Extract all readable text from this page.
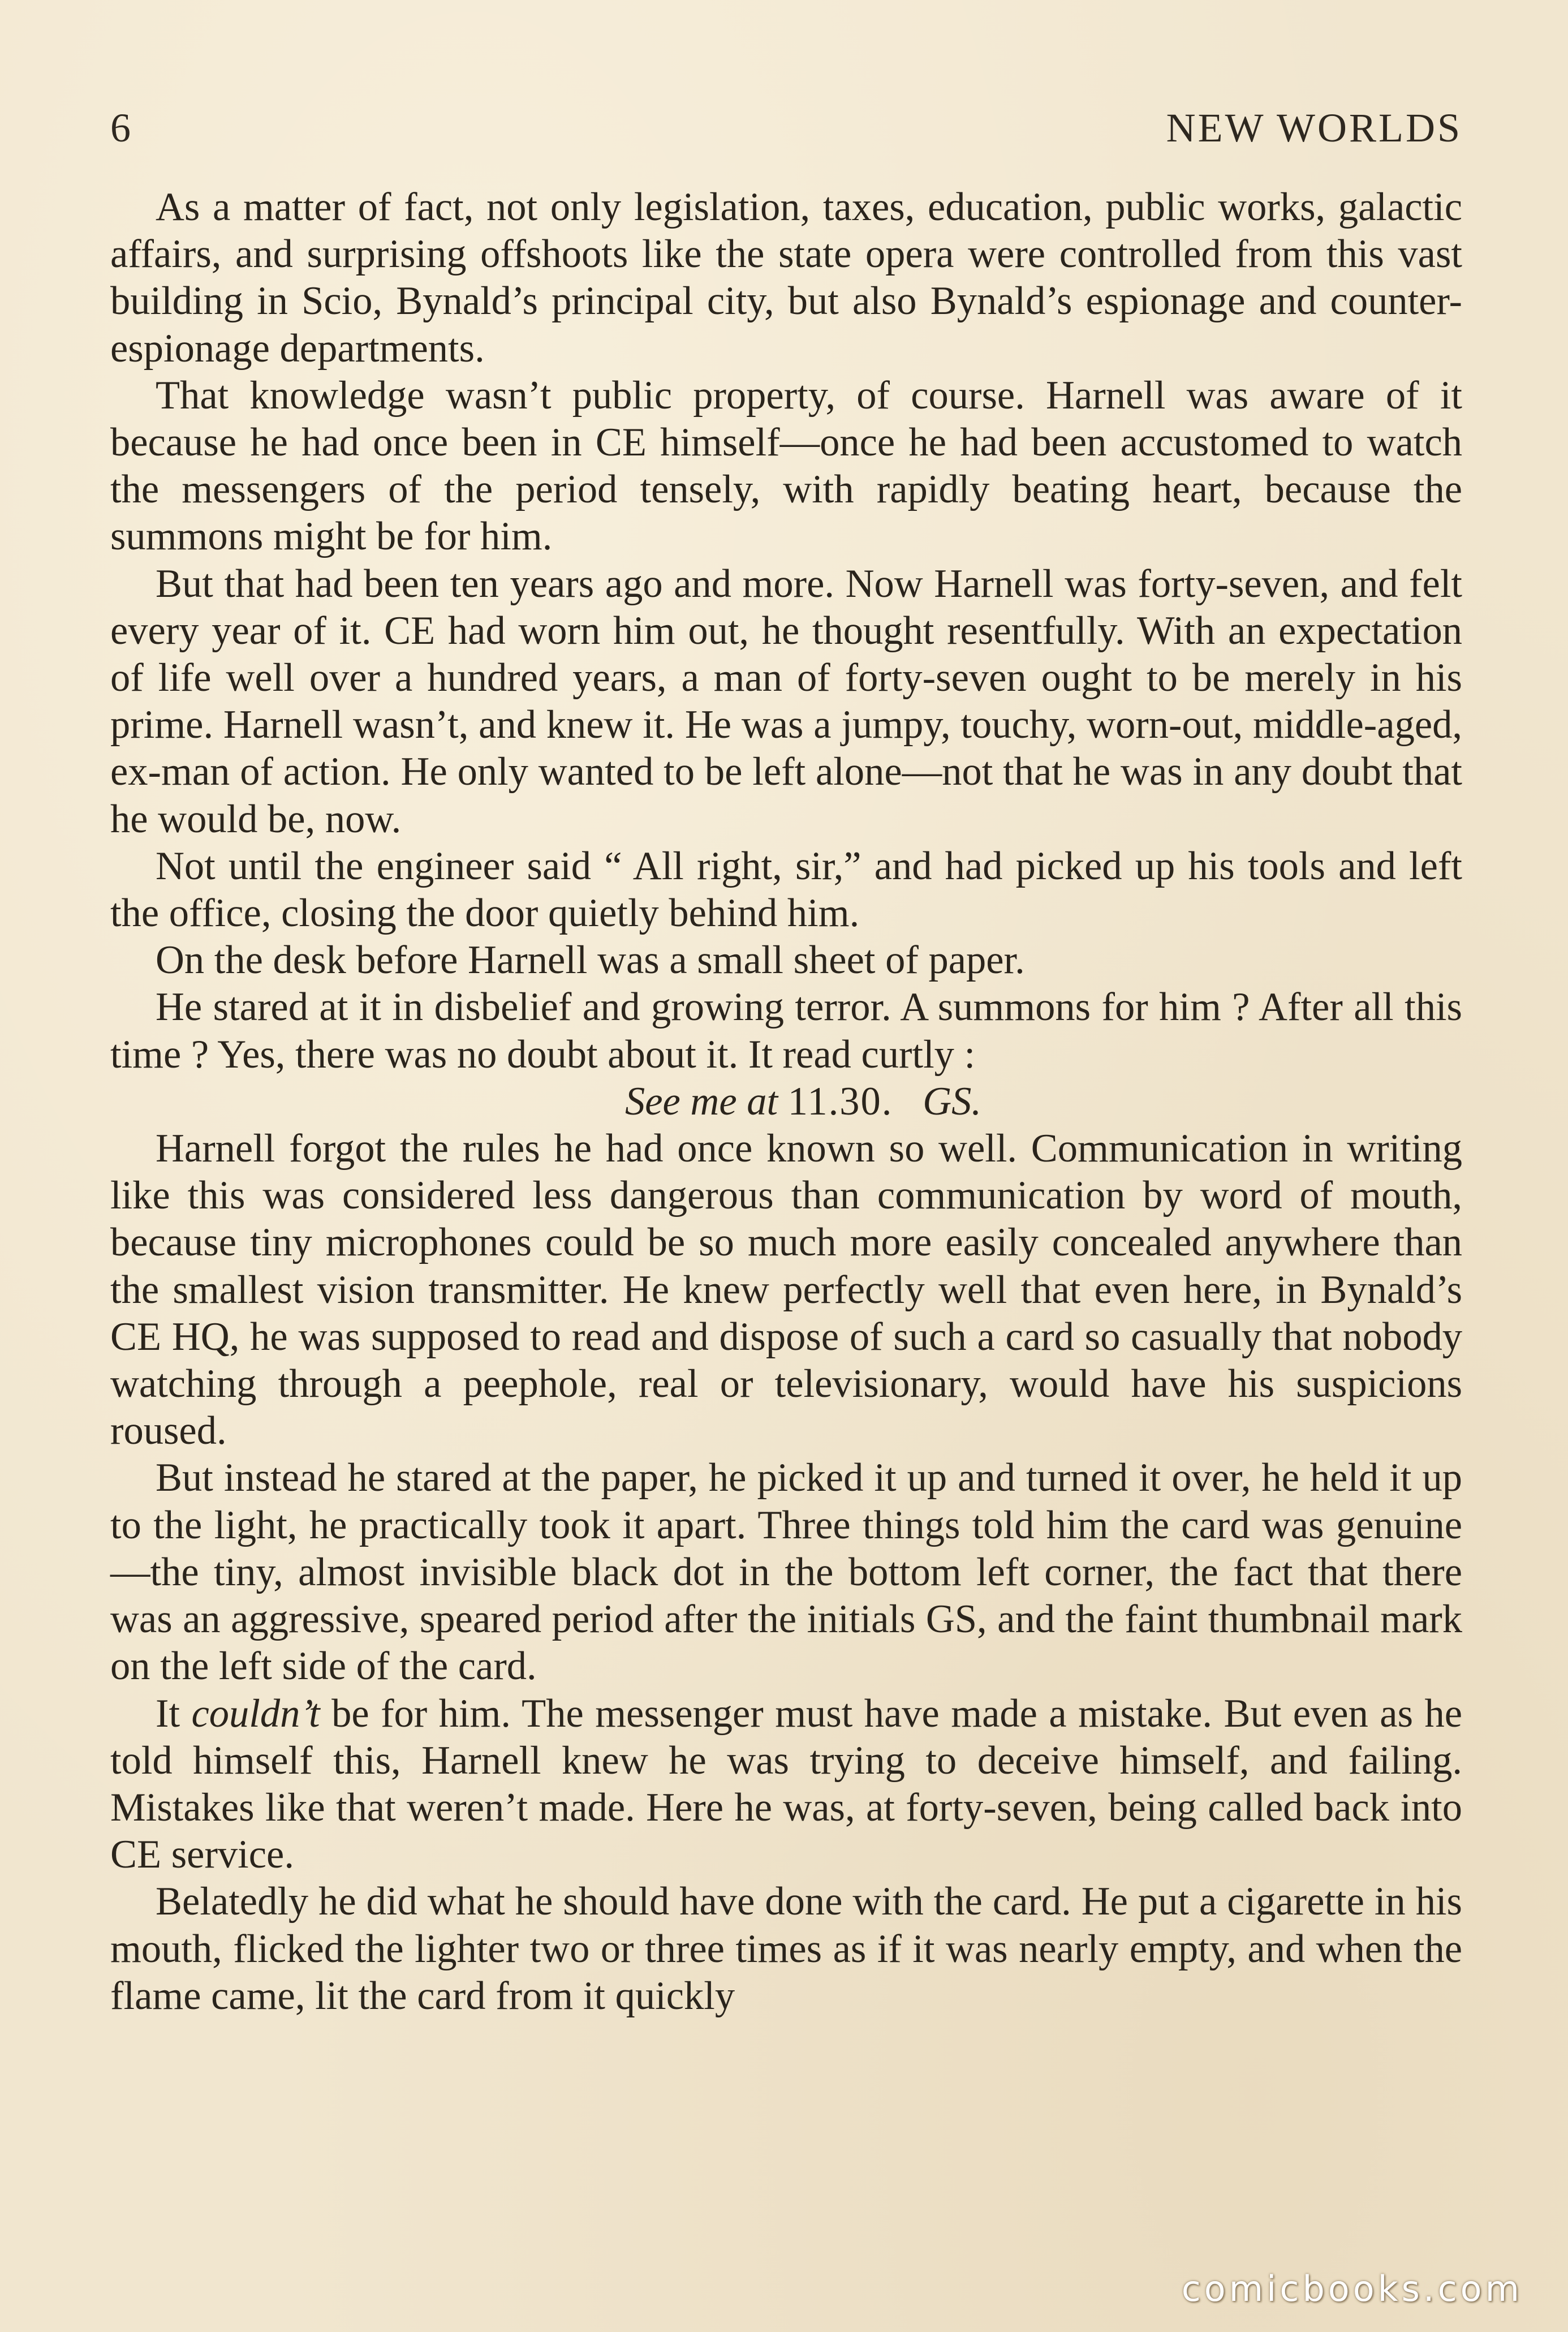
6	NEW WORLDS

As a matter of fact, not only legislation, taxes, education, public works, galactic affairs, and surprising offshoots like the state opera were controlled from this vast building in Scio, Bynald’s principal city, but also Bynald’s espionage and counter-espionage departments.

That knowledge wasn’t public property, of course. Harnell was aware of it because he had once been in CE himself—once he had been accustomed to watch the messengers of the period tensely, with rapidly beating heart, because the summons might be for him.

But that had been ten years ago and more. Now Harnell was forty-seven, and felt every year of it. CE had worn him out, he thought resentfully. With an expectation of life well over a hundred years, a man of forty-seven ought to be merely in his prime. Harnell wasn’t, and knew it. He was a jumpy, touchy, worn-out, middle-aged, ex-man of action. He only wanted to be left alone—not that he was in any doubt that he would be, now.

Not until the engineer said “ All right, sir,” and had picked up his tools and left the office, closing the door quietly behind him.

On the desk before Harnell was a small sheet of paper.

He stared at it in disbelief and growing terror. A summons for him ? After all this time ? Yes, there was no doubt about it. It read curtly :

See me at 11.30. GS.

Harnell forgot the rules he had once known so well. Communication in writing like this was considered less dangerous than communication by word of mouth, because tiny microphones could be so much more easily concealed anywhere than the smallest vision transmitter. He knew perfectly well that even here, in Bynald’s CE HQ, he was supposed to read and dispose of such a card so casually that nobody watching through a peephole, real or televisionary, would have his suspicions roused.

But instead he stared at the paper, he picked it up and turned it over, he held it up to the light, he practically took it apart. Three things told him the card was genuine—the tiny, almost invisible black dot in the bottom left corner, the fact that there was an aggressive, speared period after the initials GS, and the faint thumbnail mark on the left side of the card.

It couldn’t be for him. The messenger must have made a mistake. But even as he told himself this, Harnell knew he was trying to deceive himself, and failing. Mistakes like that weren’t made. Here he was, at forty-seven, being called back into CE service.

Belatedly he did what he should have done with the card. He put a cigarette in his mouth, flicked the lighter two or three times as if it was nearly empty, and when the flame came, lit the card from it quickly

comicbooks.com
